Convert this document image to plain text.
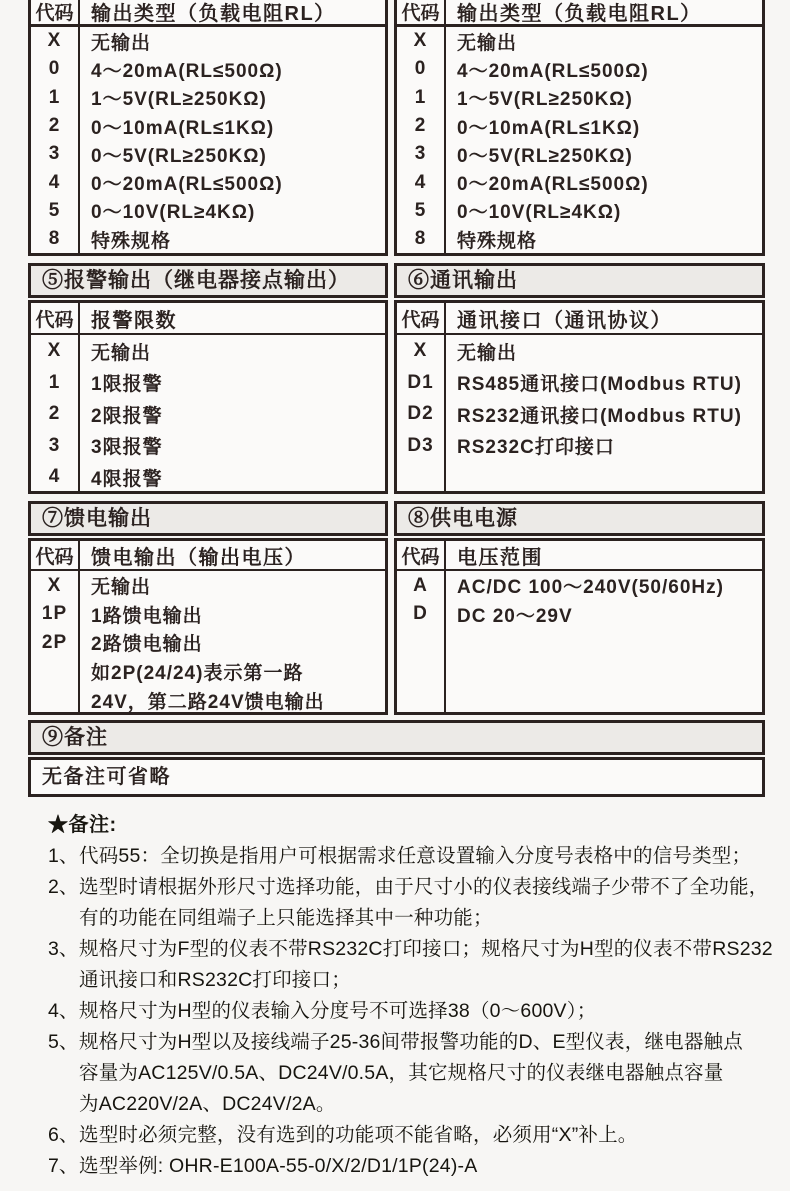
代码 输出类型（负载电阻RL）
X	无输出
0	4～20mA(RL≤500Ω)
1	1～5V(RL≥250KΩ)
2	0～10mA(RL≤1KΩ)
3	0～5V(RL≥250KΩ)
4	0～20mA(RL≤500Ω)
5	0～10V(RL≥4KΩ)
8	特殊规格
代码 输出类型（负载电阻RL）
X	无输出
0	4～20mA(RL≤500Ω)
1	1～5V(RL≥250KΩ)
2	0～10mA(RL≤1KΩ)
3	0～5V(RL≥250KΩ)
4	0～20mA(RL≤500Ω)
5	0～10V(RL≥4KΩ)
8	特殊规格
⑤报警输出（继电器接点输出）
代码 报警限数
X	无输出
1	1限报警
2	2限报警
3	3限报警
4	4限报警
⑥通讯输出
代码 通讯接口（通讯协议）
X	无输出
D1	RS485通讯接口(Modbus RTU)
D2	RS232通讯接口(Modbus RTU)
D3	RS232C打印接口
⑦馈电输出
代码 馈电输出（输出电压）
X	无输出
1P	1路馈电输出
2P	2路馈电输出
如2P(24/24)表示第一路
24V，第二路24V馈电输出
⑧供电电源
代码 电压范围
A	AC/DC 100～240V(50/60Hz)
D	DC 20～29V
⑨备注
无备注可省略
★备注:
1、 代码55：全切换是指用户可根据需求任意设置输入分度号表格中的信号类型；
2、 选型时请根据外形尺寸选择功能，由于尺寸小的仪表接线端子少带不了全功能，
有的功能在同组端子上只能选择其中一种功能；
3、 规格尺寸为F型的仪表不带RS232C打印接口；规格尺寸为H型的仪表不带RS232
通讯接口和RS232C打印接口；
4、 规格尺寸为H型的仪表输入分度号不可选择38（0～600V）；
5、 规格尺寸为H型以及接线端子25-36间带报警功能的D、E型仪表，继电器触点
容量为AC125V/0.5A、DC24V/0.5A，其它规格尺寸的仪表继电器触点容量
为AC220V/2A、DC24V/2A。
6、 选型时必须完整，没有选到的功能项不能省略，必须用“X”补上。
7、 选型举例: OHR-E100A-55-0/X/2/D1/1P(24)-A
